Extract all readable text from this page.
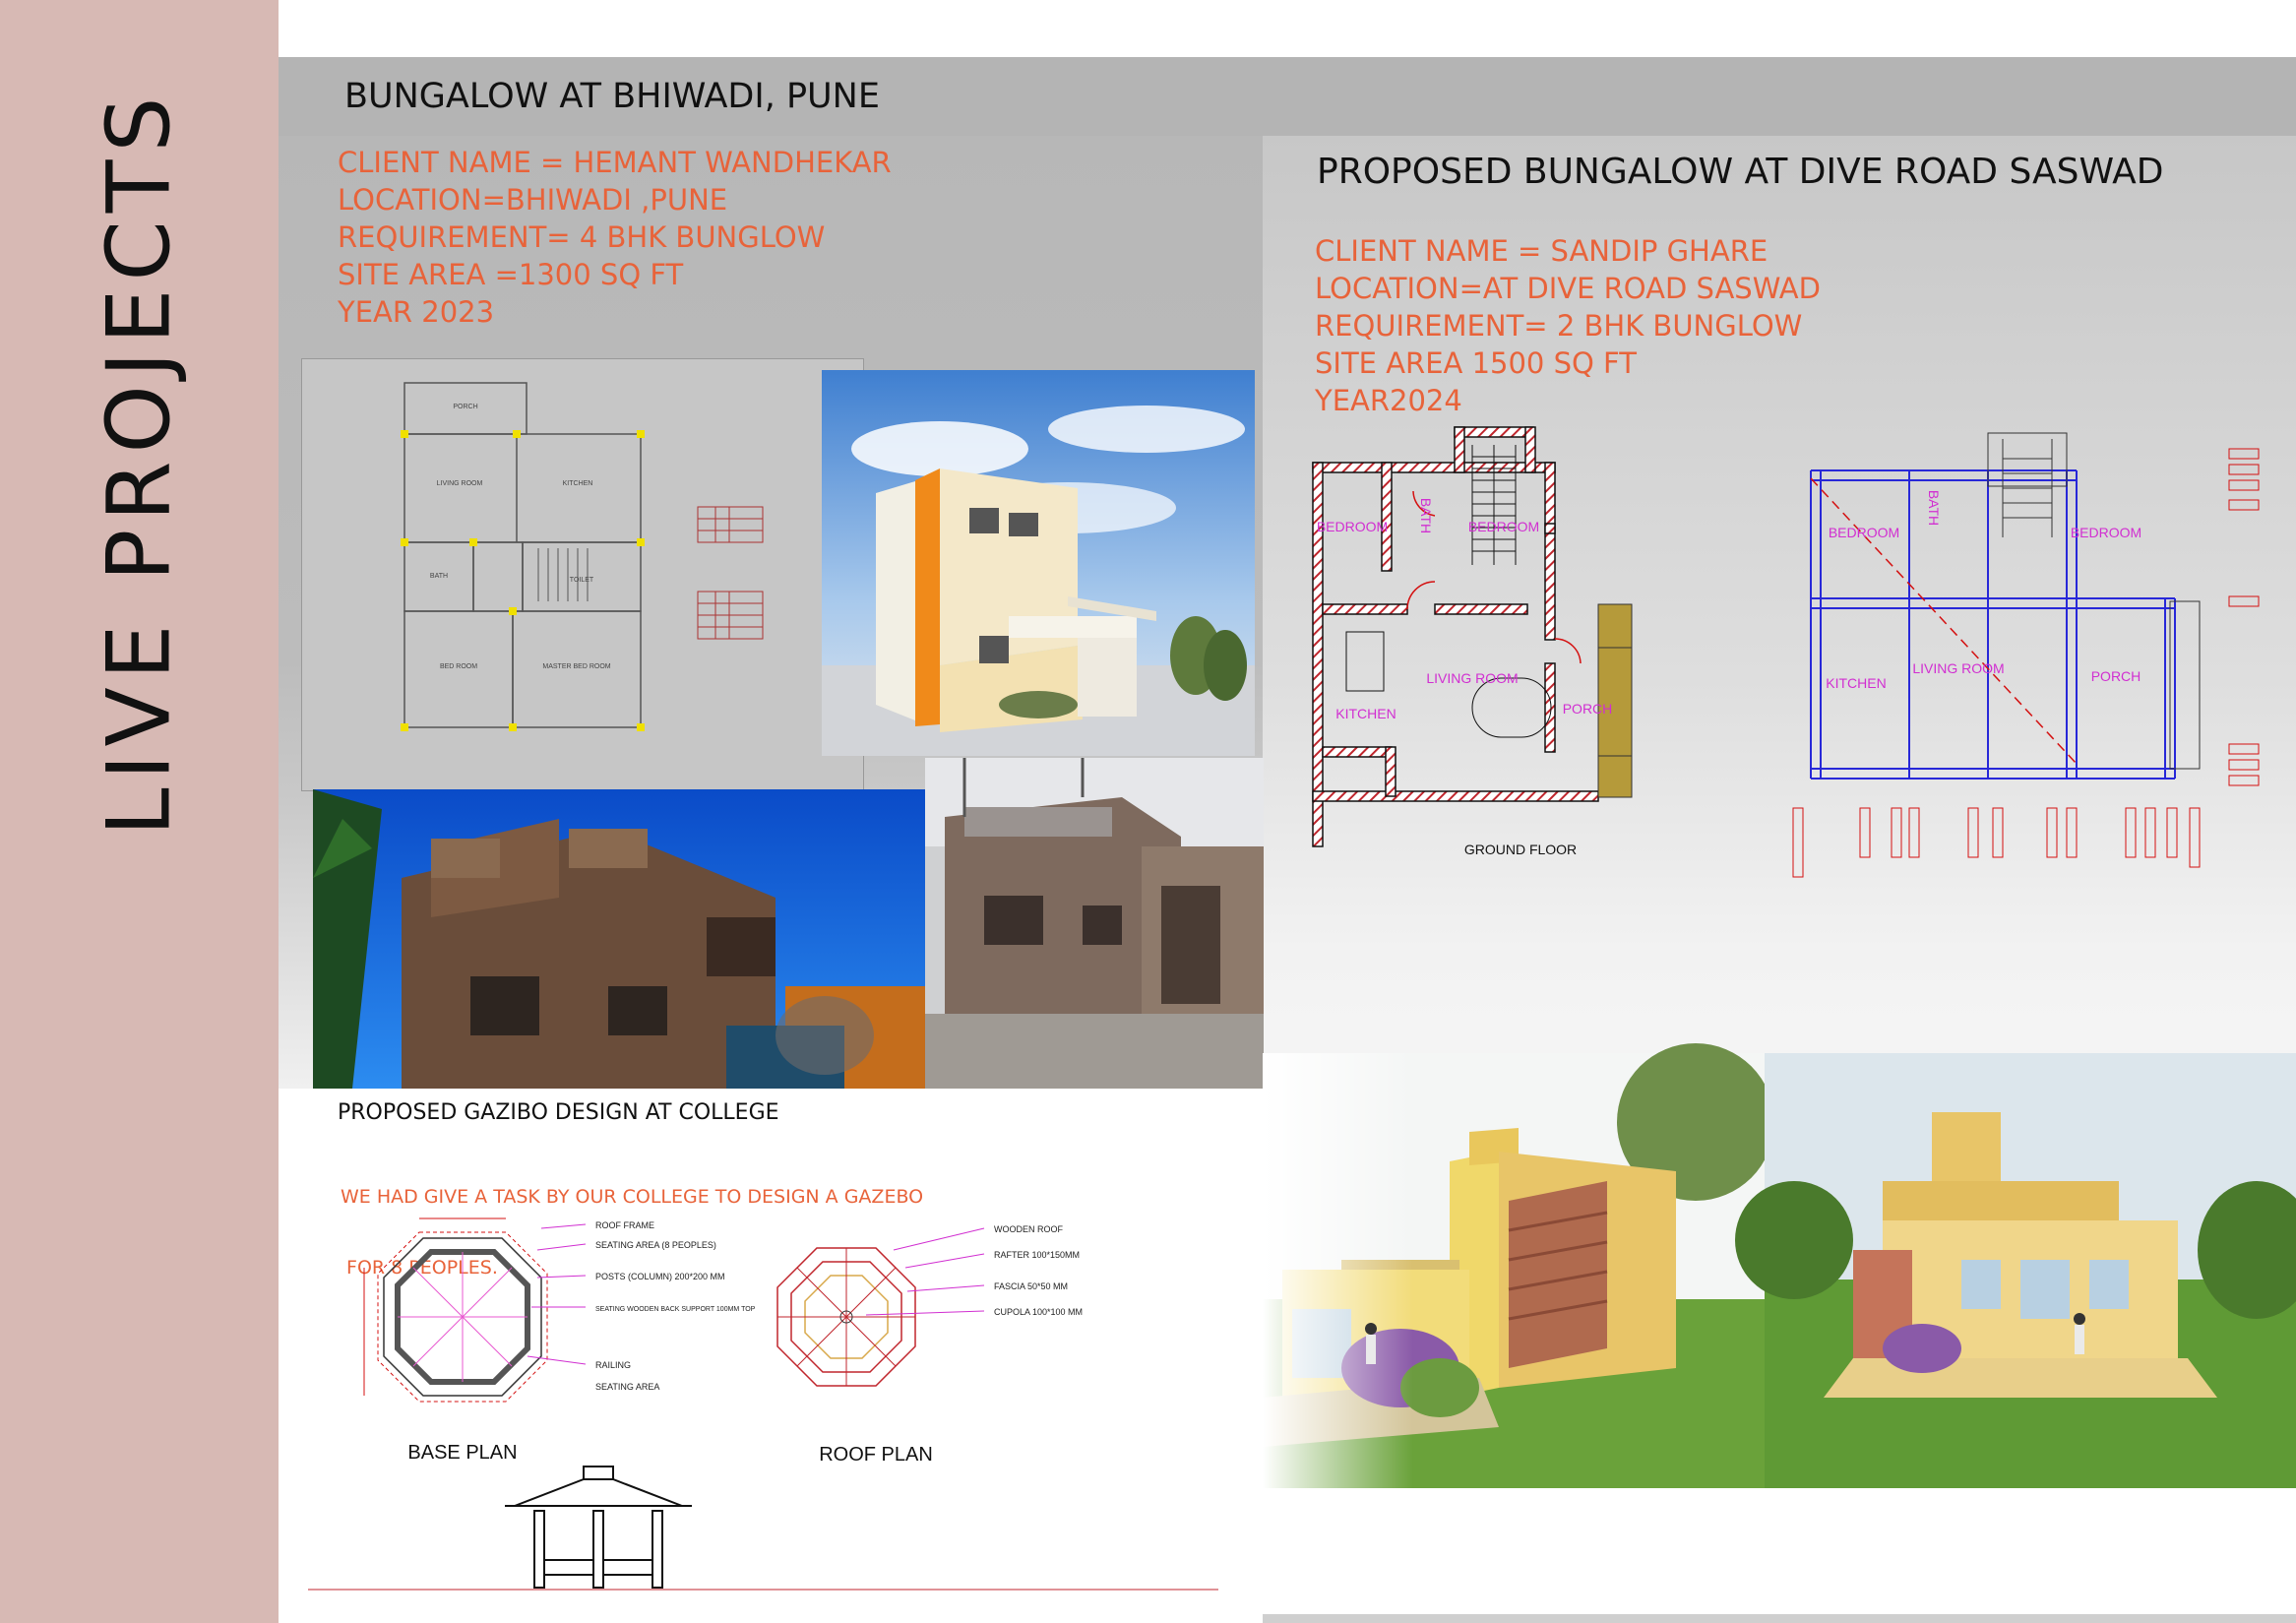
LIVE PROJECTS	BUNGALOW AT BHIWADI, PUNE
CLIENT NAME = HEMANT WANDHEKAR
LOCATION=BHIWADI ,PUNE
REQUIREMENT= 4 BHK BUNGLOW
SITE AREA =1300 SQ FT
YEAR 2023
PORCH
LIVING ROOM	KITCHEN
BATH
TOILET
BED ROOM	MASTER BED ROOM
PROPOSED BUNGALOW AT DIVE ROAD SASWAD
CLIENT NAME = SANDIP GHARE
LOCATION=AT DIVE ROAD SASWAD
REQUIREMENT= 2 BHK BUNGLOW
SITE AREA 1500 SQ FT
YEAR2024
BEDROOM BATH BEDROOM
KITCHEN
LIVING ROOM
PORCH
GROUND FLOOR
BEDROOM
BATH
BEDROOM
KITCHEN
LIVING ROOM	PORCH
PROPOSED GAZIBO DESIGN AT COLLEGE

WE HAD GIVE A TASK BY OUR COLLEGE TO DESIGN A GAZEBO

FOR 8 PEOPLES.

ROOF FRAME
SEATING AREA (8 PEOPLES)
POSTS (COLUMN) 200*200 MM
SEATING WOODEN BACK SUPPORT 100MM TOP
RAILING
SEATING AREA
BASE PLAN
WOODEN ROOF
RAFTER 100*150MM
FASCIA 50*50 MM
CUPOLA 100*100 MM
ROOF PLAN
